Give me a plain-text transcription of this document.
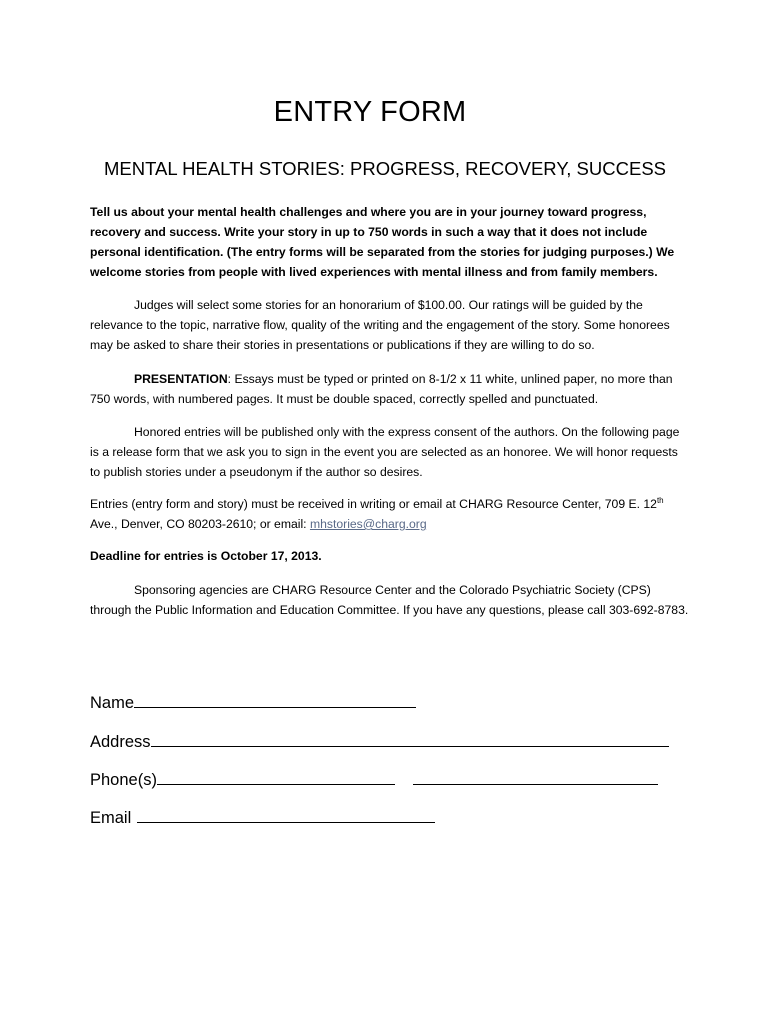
ENTRY FORM
MENTAL HEALTH STORIES: PROGRESS, RECOVERY, SUCCESS

Tell us about your mental health challenges and where you are in your journey toward progress, recovery and success. Write your story in up to 750 words in such a way that it does not include personal identification. (The entry forms will be separated from the stories for judging purposes.) We welcome stories from people with lived experiences with mental illness and from family members.

Judges will select some stories for an honorarium of $100.00. Our ratings will be guided by the relevance to the topic, narrative flow, quality of the writing and the engagement of the story. Some honorees may be asked to share their stories in presentations or publications if they are willing to do so.

PRESENTATION: Essays must be typed or printed on 8-1/2 x 11 white, unlined paper, no more than 750 words, with numbered pages. It must be double spaced, correctly spelled and punctuated.

Honored entries will be published only with the express consent of the authors. On the following page is a release form that we ask you to sign in the event you are selected as an honoree. We will honor requests to publish stories under a pseudonym if the author so desires.

Entries (entry form and story) must be received in writing or email at CHARG Resource Center, 709 E. 12th Ave., Denver, CO 80203-2610; or email: mhstories@charg.org

Deadline for entries is October 17, 2013.

Sponsoring agencies are CHARG Resource Center and the Colorado Psychiatric Society (CPS) through the Public Information and Education Committee. If you have any questions, please call 303-692-8783.

Name
Address
Phone(s)
Email
